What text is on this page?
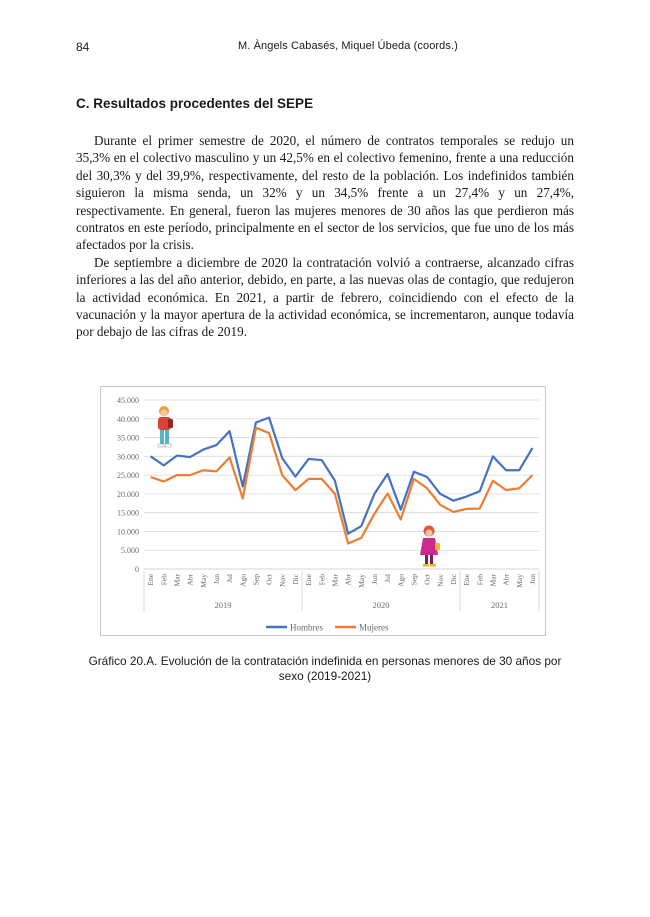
84	M. Àngels Cabasés, Miquel Úbeda (coords.)
C. Resultados procedentes del SEPE

Durante el primer semestre de 2020, el número de contratos temporales se redujo un 35,3% en el colectivo masculino y un 42,5% en el colectivo femenino, frente a una reducción del 30,3% y del 39,9%, respectivamente, del resto de la población. Los indefinidos también siguieron la misma senda, un 32% y un 34,5% frente a un 27,4% y un 27,4%, respectivamente. En general, fueron las mujeres menores de 30 años las que perdieron más contratos en este período, principalmente en el sector de los servicios, que fue uno de los más afectados por la crisis.

De septiembre a diciembre de 2020 la contratación volvió a contraerse, alcanzado cifras inferiores a las del año anterior, debido, en parte, a las nuevas olas de contagio, que redujeron la actividad económica. En 2021, a partir de febrero, coincidiendo con el efecto de la vacunación y la mayor apertura de la actividad económica, se incrementaron, aunque todavía por debajo de las cifras de 2019.

0
5.000
10.000
15.000
20.000
25.000
30.000
35.000
40.000
45.000
Ene Feb Mar Abr May Jun Jul Ago Sep Oct Nov Dic Ene Feb Mar Abr May Jun Jul Ago Sep Oct Nov Dic Ene Feb Mar Abr May Jun
2019	2020	2021
Hombres	Mujeres
Gráfico 20.A. Evolución de la contratación indefinida en personas menores de 30 años por sexo (2019-2021)
